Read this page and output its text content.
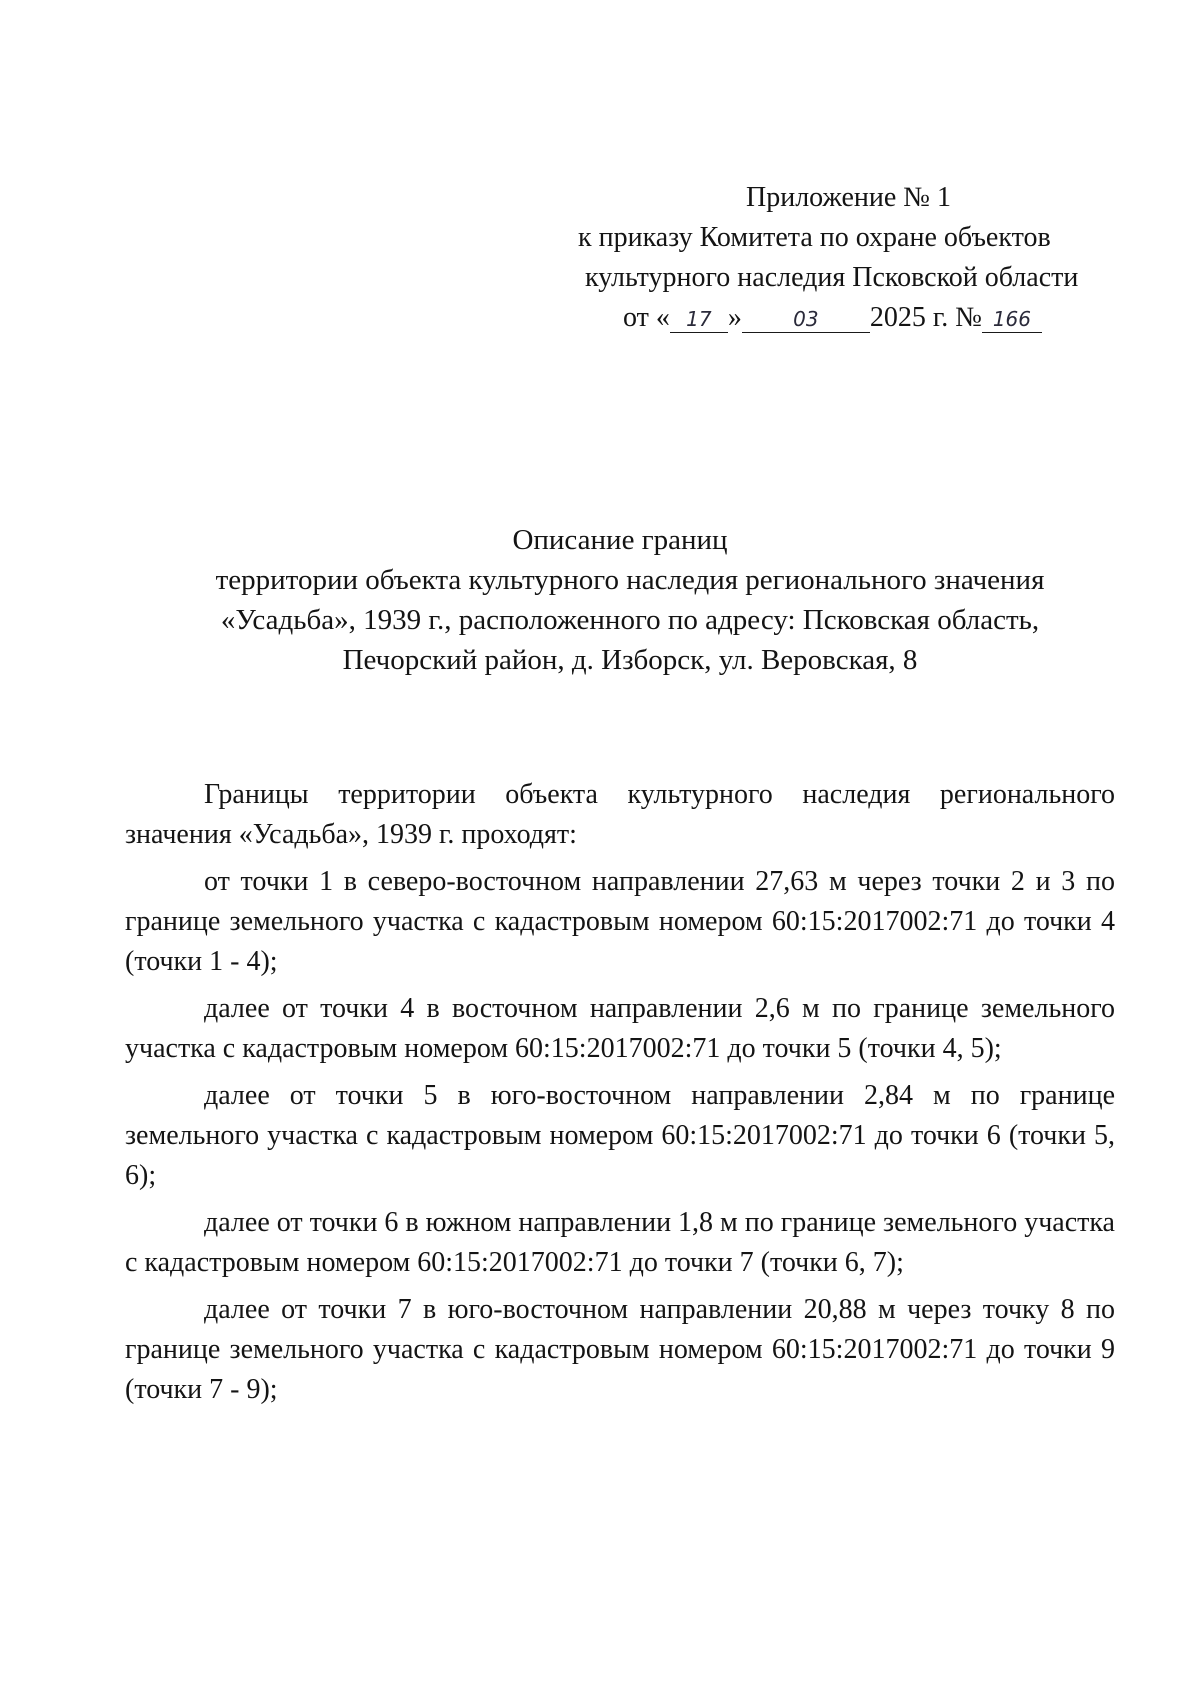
Приложение № 1
к приказу Комитета по охране объектов
культурного наследия Псковской области
от « 17 »	03 2025 г. № 166
Описание границ
территории объекта культурного наследия регионального значения
«Усадьба», 1939 г., расположенного по адресу: Псковская область,
Печорский район, д. Изборск, ул. Веровская, 8

Границы территории объекта культурного наследия регионального значения «Усадьба», 1939 г. проходят:

от точки 1 в северо-восточном направлении 27,63 м через точки 2 и 3 по границе земельного участка с кадастровым номером 60:15:2017002:71 до точки 4 (точки 1 - 4);

далее от точки 4 в восточном направлении 2,6 м по границе земельного участка с кадастровым номером 60:15:2017002:71 до точки 5 (точки 4, 5);

далее от точки 5 в юго-восточном направлении 2,84 м по границе земельного участка с кадастровым номером 60:15:2017002:71 до точки 6 (точки 5, 6);

далее от точки 6 в южном направлении 1,8 м по границе земельного участка с кадастровым номером 60:15:2017002:71 до точки 7 (точки 6, 7);

далее от точки 7 в юго-восточном направлении 20,88 м через точку 8 по границе земельного участка с кадастровым номером 60:15:2017002:71 до точки 9 (точки 7 - 9);
